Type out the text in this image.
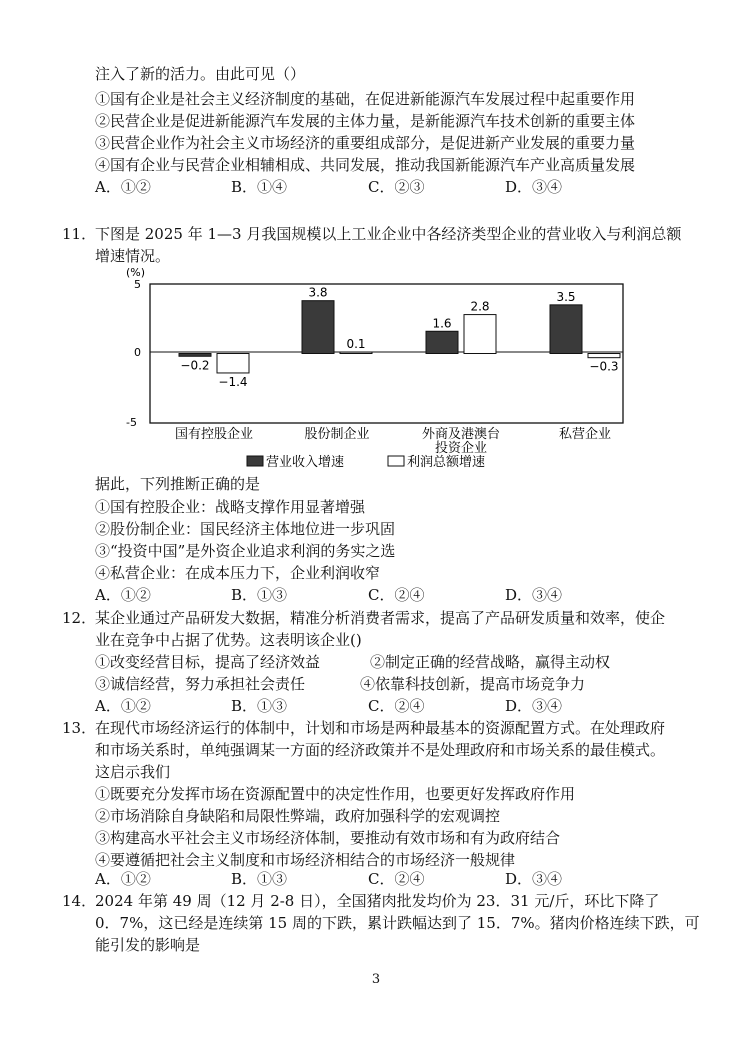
注入了新的活力。由此可见（）
①国有企业是社会主义经济制度的基础，在促进新能源汽车发展过程中起重要作用
②民营企业是促进新能源汽车发展的主体力量，是新能源汽车技术创新的重要主体
③民营企业作为社会主义市场经济的重要组成部分，是促进新产业发展的重要力量
④国有企业与民营企业相辅相成、共同发展，推动我国新能源汽车产业高质量发展
A．①②	B．①④	C．②③	D．③④
11．
下图是 2025 年 1—3 月我国规模以上工业企业中各经济类型企业的营业收入与利润总额
增速情况。
(%)
5
0
-5
−0.2
3.8
1.6
3.5
−1.4
0.1
2.8
−0.3
国有控股企业	股份制企业	外商及港澳台
投资企业
私营企业
营业收入增速	利润总额增速
据此，下列推断正确的是
①国有控股企业：战略支撑作用显著增强
②股份制企业：国民经济主体地位进一步巩固
③“投资中国”是外资企业追求利润的务实之选
④私营企业：在成本压力下，企业利润收窄
A．①②	B．①③	C．②④	D．③④
12．
某企业通过产品研发大数据，精准分析消费者需求，提高了产品研发质量和效率，使企
业在竞争中占据了优势。这表明该企业()
①改变经营目标，提高了经济效益	②制定正确的经营战略，赢得主动权
③诚信经营，努力承担社会责任	④依靠科技创新，提高市场竞争力
A．①②	B．①③	C．②④	D．③④
13．
在现代市场经济运行的体制中，计划和市场是两种最基本的资源配置方式。在处理政府
和市场关系时，单纯强调某一方面的经济政策并不是处理政府和市场关系的最佳模式。
这启示我们
①既要充分发挥市场在资源配置中的决定性作用，也要更好发挥政府作用
②市场消除自身缺陷和局限性弊端，政府加强科学的宏观调控
③构建高水平社会主义市场经济体制，要推动有效市场和有为政府结合
④要遵循把社会主义制度和市场经济相结合的市场经济一般规律
A．①②	B．①③	C．②④	D．③④
14．
2024 年第 49 周（12 月 2-8 日），全国猪肉批发均价为 23．31 元/斤，环比下降了
0．7%，这已经是连续第 15 周的下跌，累计跌幅达到了 15．7%。猪肉价格连续下跌，可
能引发的影响是
3
